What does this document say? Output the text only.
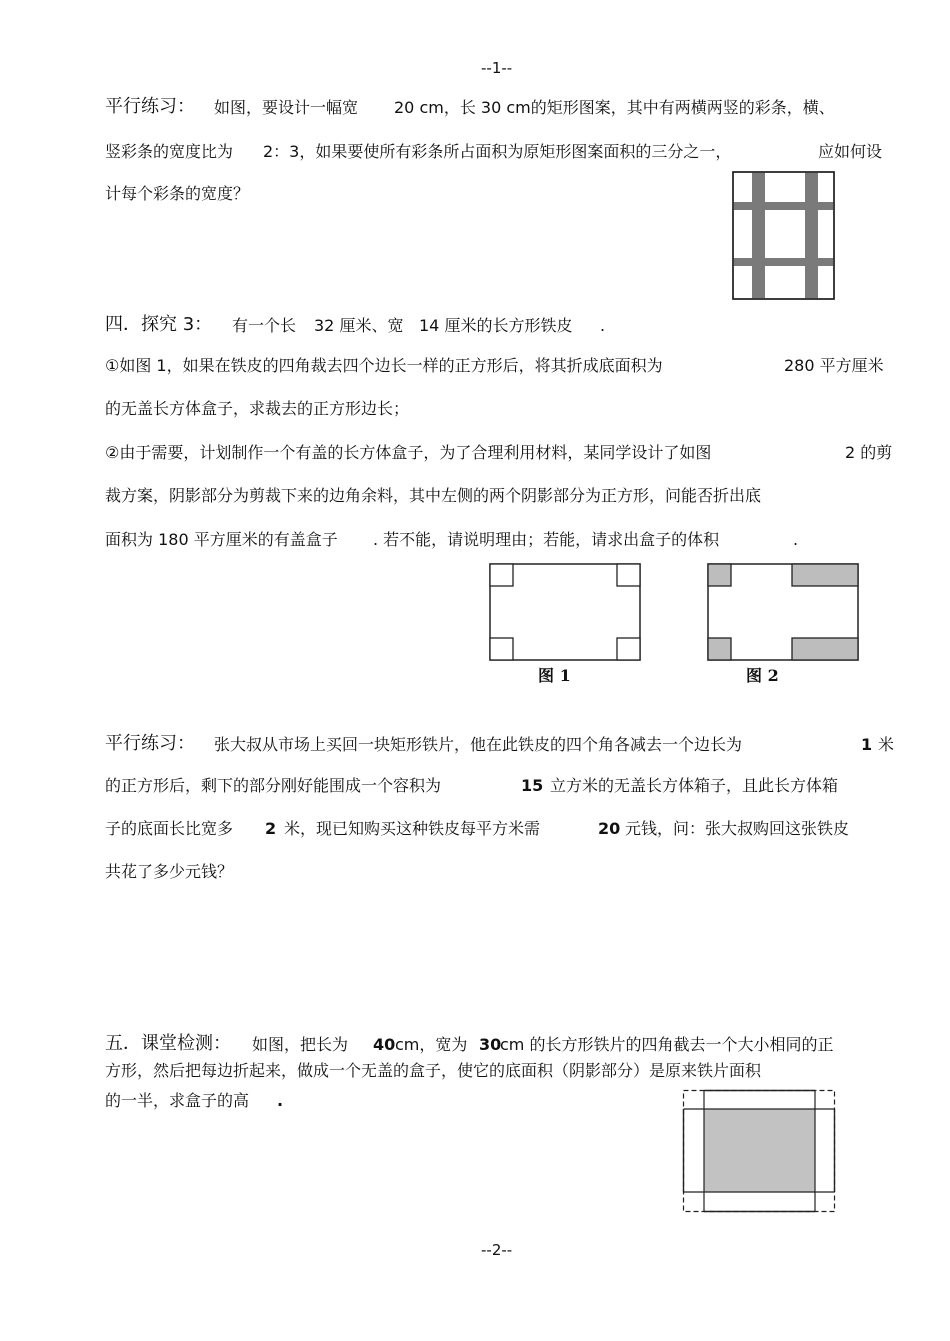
--1--
平行练习： 如图，要设计一幅宽 20 cm，长 30 cm的矩形图案，其中有两横两竖的彩条，横、
竖彩条的宽度比为 2：3，如果要使所有彩条所占面积为原矩形图案面积的三分之一，	应如何设
计每个彩条的宽度？
四．探究 3： 有一个长 32 厘米、宽 14 厘米的长方形铁皮 .
①如图 1，如果在铁皮的四角裁去四个边长一样的正方形后，将其折成底面积为	280 平方厘米
的无盖长方体盒子，求裁去的正方形边长；
②由于需要，计划制作一个有盖的长方体盒子，为了合理利用材料，某同学设计了如图	2 的剪
裁方案，阴影部分为剪裁下来的边角余料，其中左侧的两个阴影部分为正方形，问能否折出底
面积为 180 平方厘米的有盖盒子 . 若不能，请说明理由；若能，请求出盒子的体积	.
图 1	图 2
平行练习： 张大叔从市场上买回一块矩形铁片，他在此铁皮的四个角各减去一个边长为	1 米
的正方形后，剩下的部分刚好能围成一个容积为	15 立方米的无盖长方体箱子，且此长方体箱
子的底面长比宽多 2 米，现已知购买这种铁皮每平方米需	20 元钱，问：张大叔购回这张铁皮
共花了多少元钱？
五．课堂检测： 如图，把长为 40 cm，宽为 30
cm 的长方形铁片的四角截去一个大小相同的正
方形，然后把每边折起来，做成一个无盖的盒子，使它的底面积（阴影部分）是原来铁片面积
的一半，求盒子的高 .
--2--
